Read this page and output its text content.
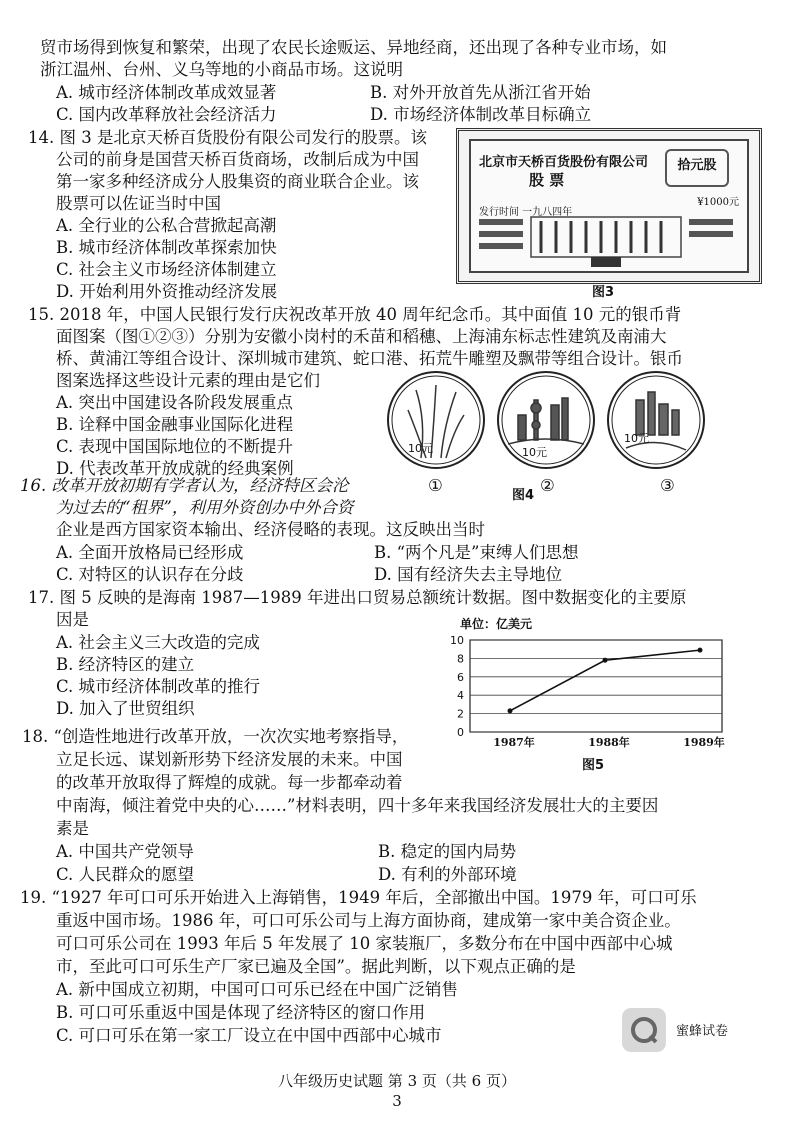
贸市场得到恢复和繁荣，出现了农民长途贩运、异地经商，还出现了各种专业市场，如
浙江温州、台州、义乌等地的小商品市场。这说明
A. 城市经济体制改革成效显著	B. 对外开放首先从浙江省开始
C. 国内改革释放社会经济活力	D. 市场经济体制改革目标确立
14. 图 3 是北京天桥百货股份有限公司发行的股票。该
公司的前身是国营天桥百货商场，改制后成为中国
第一家多种经济成分人股集资的商业联合企业。该
股票可以佐证当时中国
A. 全行业的公私合营掀起高潮
B. 城市经济体制改革探索加快
C. 社会主义市场经济体制建立
D. 开始利用外资推动经济发展
北京市天桥百货股份有限公司	拾元股
股 票
¥1000元
发行时间 一九八四年
图3
15. 2018 年，中国人民银行发行庆祝改革开放 40 周年纪念币。其中面值 10 元的银币背
面图案（图①②③）分别为安徽小岗村的禾苗和稻穗、上海浦东标志性建筑及南浦大
桥、黄浦江等组合设计、深圳城市建筑、蛇口港、拓荒牛雕塑及飘带等组合设计。银币
图案选择这些设计元素的理由是它们
A. 突出中国建设各阶段发展重点
B. 诠释中国金融事业国际化进程
C. 表现中国国际地位的不断提升
D. 代表改革开放成就的经典案例
10元	10元
10元
①
图4
②	③
16. 改革开放初期有学者认为，经济特区会沦
为过去的“租界”，利用外资创办中外合资
企业是西方国家资本输出、经济侵略的表现。这反映出当时
A. 全面开放格局已经形成	B. “两个凡是”束缚人们思想
C. 对特区的认识存在分歧	D. 国有经济失去主导地位
17. 图 5 反映的是海南 1987—1989 年进出口贸易总额统计数据。图中数据变化的主要原
因是
A. 社会主义三大改造的完成
B. 经济特区的建立
C. 城市经济体制改革的推行
D. 加入了世贸组织
单位：亿美元
0
2
4
6
8
10
1987年	1988年	1989年
图5
18. “创造性地进行改革开放，一次次实地考察指导，
立足长远、谋划新形势下经济发展的未来。中国
的改革开放取得了辉煌的成就。每一步都牵动着
中南海，倾注着党中央的心……”材料表明，四十多年来我国经济发展壮大的主要因
素是
A. 中国共产党领导	B. 稳定的国内局势
C. 人民群众的愿望	D. 有利的外部环境
19. “1927 年可口可乐开始进入上海销售，1949 年后，全部撤出中国。1979 年，可口可乐
重返中国市场。1986 年，可口可乐公司与上海方面协商，建成第一家中美合资企业。
可口可乐公司在 1993 年后 5 年发展了 10 家装瓶厂，多数分布在中国中西部中心城
市，至此可口可乐生产厂家已遍及全国”。据此判断，以下观点正确的是
A. 新中国成立初期，中国可口可乐已经在中国广泛销售
B. 可口可乐重返中国是体现了经济特区的窗口作用
C. 可口可乐在第一家工厂设立在中国中西部中心城市	蜜蜂试卷
八年级历史试题 第 3 页（共 6 页）
3
